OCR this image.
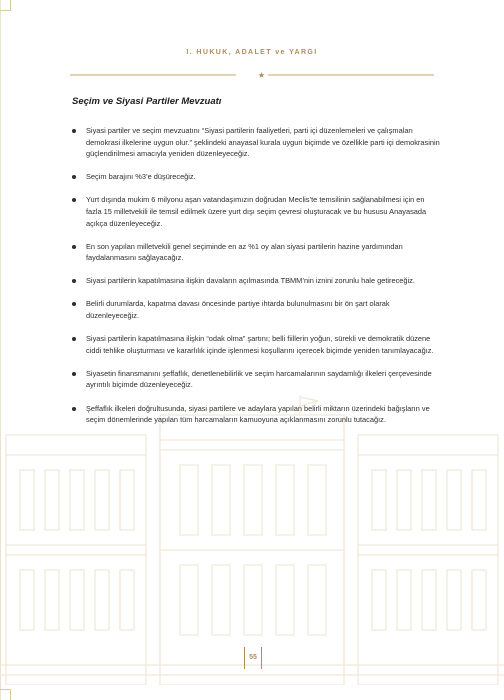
I. HUKUK, ADALET ve YARGI
Seçim ve Siyasi Partiler Mevzuatı
Siyasi partiler ve seçim mevzuatını “Siyasi partilerin faaliyetleri, parti içi düzenlemeleri ve çalışmaları demokrasi ilkelerine uygun olur.” şeklindeki anayasal kurala uygun biçimde ve özellikle parti içi demokrasinin güçlendirilmesi amacıyla yeniden düzenleyeceğiz.
Seçim barajını %3’e düşüreceğiz.
Yurt dışında mukim 6 milyonu aşan vatandaşımızın doğrudan Meclis’te temsilinin sağlanabilmesi için en fazla 15 milletvekili ile temsil edilmek üzere yurt dışı seçim çevresi oluşturacak ve bu hususu Anayasada açıkça düzenleyeceğiz.
En son yapılan milletvekili genel seçiminde en az %1 oy alan siyasi partilerin hazine yardımından faydalanmasını sağlayacağız.
Siyasi partilerin kapatılmasına ilişkin davaların açılmasında TBMM’nin iznini zorunlu hale getireceğiz.
Belirli durumlarda, kapatma davası öncesinde partiye ihtarda bulunulmasını bir ön şart olarak düzenleyeceğiz.
Siyasi partilerin kapatılmasına ilişkin “odak olma” şartını; belli fiillerin yoğun, sürekli ve demokratik düzene ciddi tehlike oluşturması ve kararlılık içinde işlenmesi koşullarını içerecek biçimde yeniden tanımlayacağız.
Siyasetin finansmanını şeffaflık, denetlenebilirlik ve seçim harcamalarının saydamlığı ilkeleri çerçevesinde ayrıntılı biçimde düzenleyeceğiz.
Şeffaflık ilkeleri doğrultusunda, siyasi partilere ve adaylara yapılan belirli miktarın üzerindeki bağışların ve seçim dönemlerinde yapılan tüm harcamaların kamuoyuna açıklanmasını zorunlu tutacağız.
55
